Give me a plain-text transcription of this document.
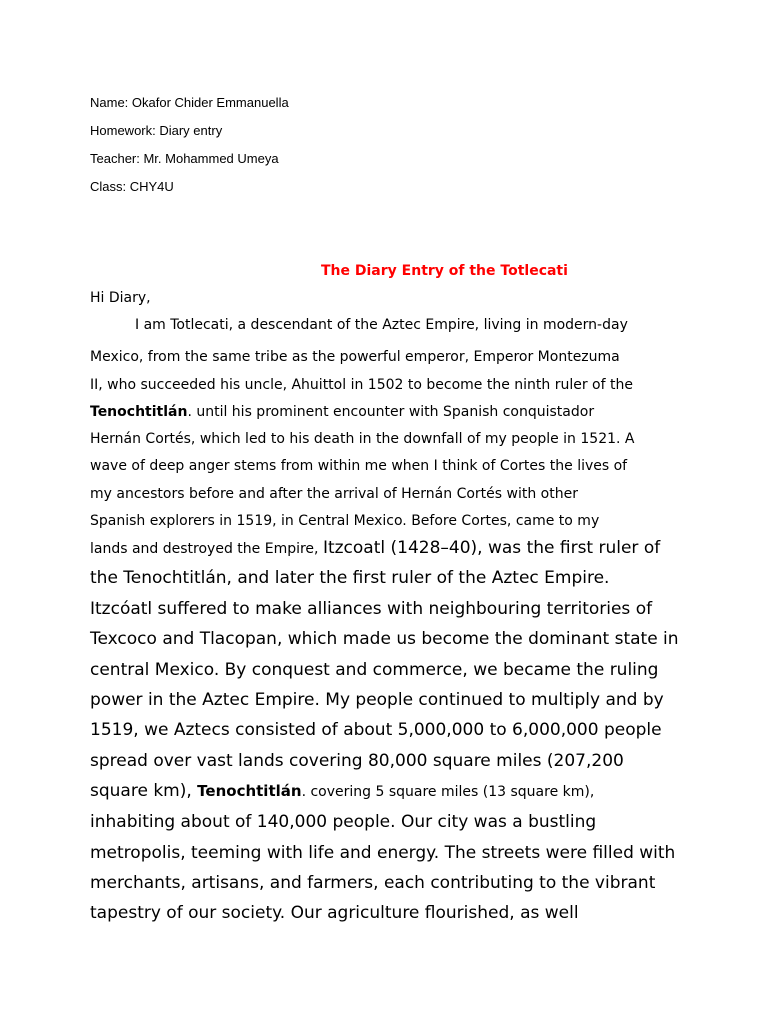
Name: Okafor Chider Emmanuella
Homework: Diary entry
Teacher: Mr. Mohammed Umeya
Class: CHY4U
The Diary Entry of the Totlecati
Hi Diary,
I am Totlecati, a descendant of the Aztec Empire, living in modern-day
Mexico, from the same tribe as the powerful emperor, Emperor Montezuma
II, who succeeded his uncle, Ahuittol in 1502 to become the ninth ruler of the
Tenochtitlán. until his prominent encounter with Spanish conquistador
Hernán Cortés, which led to his death in the downfall of my people in 1521. A
wave of deep anger stems from within me when I think of Cortes the lives of
my ancestors before and after the arrival of Hernán Cortés with other
Spanish explorers in 1519, in Central Mexico. Before Cortes, came to my
lands and destroyed the Empire, Itzcoatl (1428–40), was the first ruler of
the Tenochtitlán, and later the first ruler of the Aztec Empire.
Itzcóatl suffered to make alliances with neighbouring territories of
Texcoco and Tlacopan, which made us become the dominant state in
central Mexico. By conquest and commerce, we became the ruling
power in the Aztec Empire. My people continued to multiply and by
1519, we Aztecs consisted of about 5,000,000 to 6,000,000 people
spread over vast lands covering 80,000 square miles (207,200
square km), Tenochtitlán. covering 5 square miles (13 square km),
inhabiting about of 140,000 people. Our city was a bustling
metropolis, teeming with life and energy. The streets were filled with
merchants, artisans, and farmers, each contributing to the vibrant
tapestry of our society. Our agriculture flourished, as well
